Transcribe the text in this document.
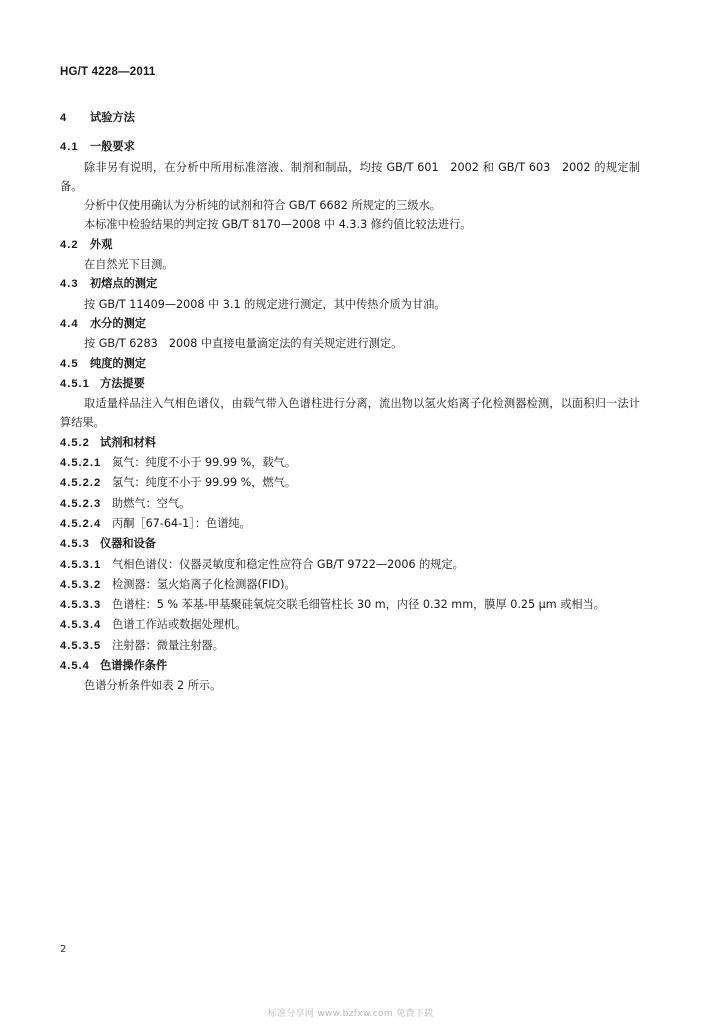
HG/T 4228—2011
4 试验方法
4.1 一般要求
除非另有说明，在分析中所用标准溶液、制剂和制品，均按 GB/T 601　2002 和 GB/T 603　2002 的规定制备。
分析中仅使用确认为分析纯的试剂和符合 GB/T 6682 所规定的三级水。
本标准中检验结果的判定按 GB/T 8170—2008 中 4.3.3 修约值比较法进行。
4.2 外观
在自然光下目测。
4.3 初熔点的测定
按 GB/T 11409—2008 中 3.1 的规定进行测定，其中传热介质为甘油。
4.4 水分的测定
按 GB/T 6283　2008 中直接电量滴定法的有关规定进行测定。
4.5 纯度的测定
4.5.1 方法提要
取适量样品注入气相色谱仪，由载气带入色谱柱进行分离，流出物以氢火焰离子化检测器检测，以面积归一法计算结果。
4.5.2 试剂和材料
4.5.2.1 氮气：纯度不小于 99.99 %，载气。
4.5.2.2 氢气：纯度不小于 99.99 %，燃气。
4.5.2.3 助燃气：空气。
4.5.2.4 丙酮［67-64-1］：色谱纯。
4.5.3 仪器和设备
4.5.3.1 气相色谱仪：仪器灵敏度和稳定性应符合 GB/T 9722—2006 的规定。
4.5.3.2 检测器：氢火焰离子化检测器(FID)。
4.5.3.3 色谱柱：5 % 苯基-甲基聚硅氧烷交联毛细管柱长 30 m，内径 0.32 mm，膜厚 0.25 μm 或相当。
4.5.3.4 色谱工作站或数据处理机。
4.5.3.5 注射器：微量注射器。
4.5.4 色谱操作条件
色谱分析条件如表 2 所示。
2
标准分享网 www.bzfxw.com 免费下载
